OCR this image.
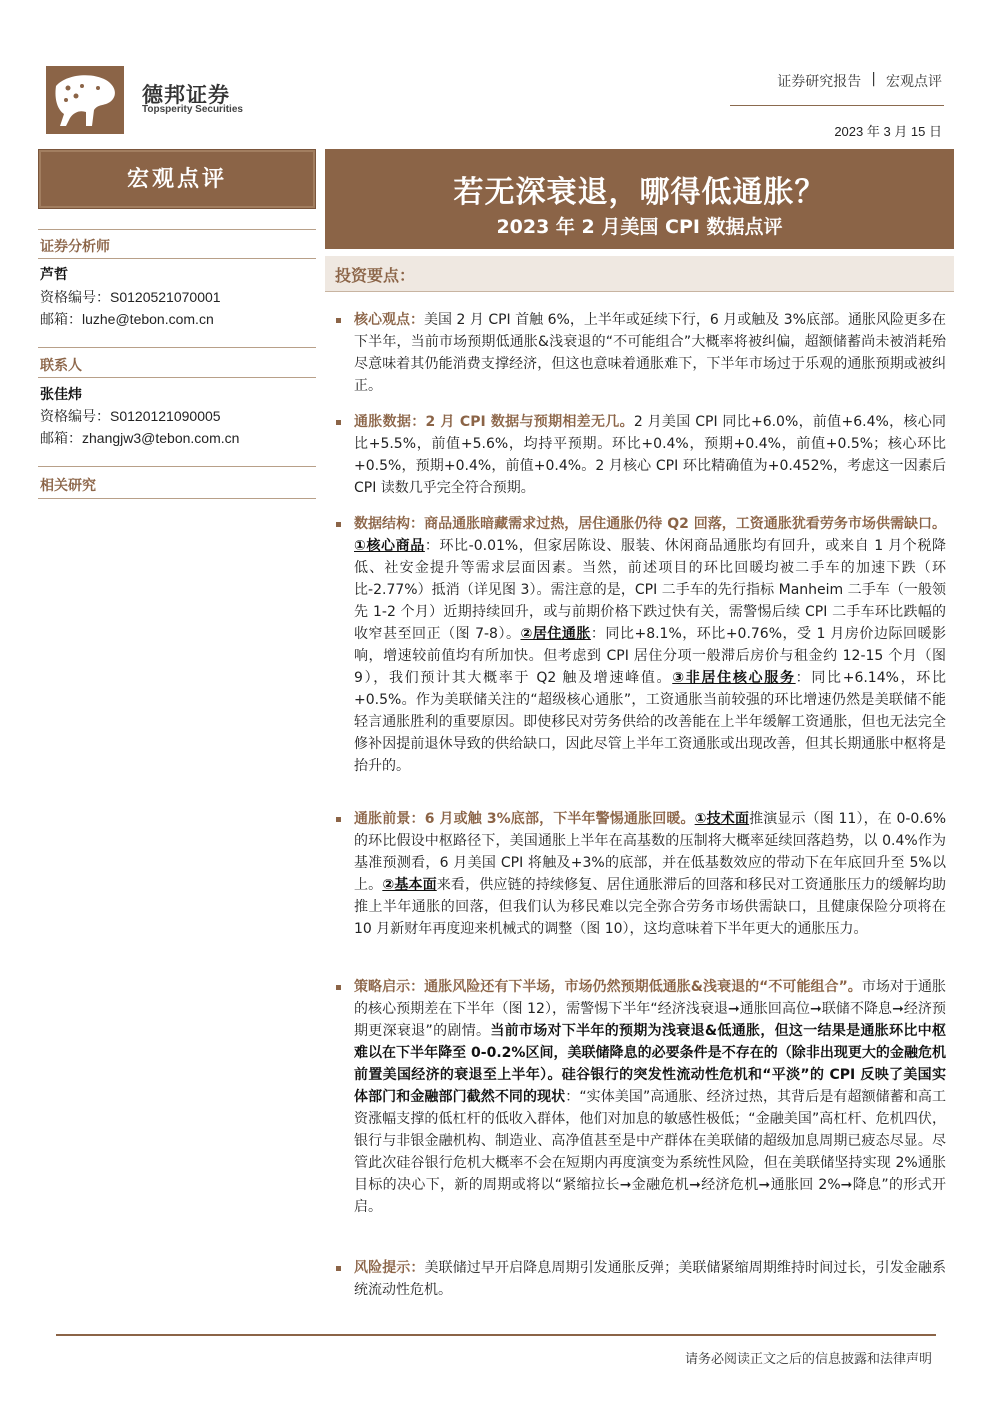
德邦证券
Topsperity Securities
证券研究报告 | 宏观点评
2023 年 3 月 15 日
宏观点评
证券分析师
芦哲
资格编号：S0120521070001
邮箱：luzhe@tebon.com.cn
联系人
张佳炜
资格编号：S0120121090005
邮箱：zhangjw3@tebon.com.cn
相关研究
若无深衰退，哪得低通胀？
2023 年 2 月美国 CPI 数据点评
投资要点：
核心观点：美国 2 月 CPI 首触 6%，上半年或延续下行，6 月或触及 3%底部。通胀风险更多在下半年，当前市场预期低通胀&浅衰退的“不可能组合”大概率将被纠偏，超额储蓄尚未被消耗殆尽意味着其仍能消费支撑经济，但这也意味着通胀难下，下半年市场过于乐观的通胀预期或被纠正。
通胀数据：2 月 CPI 数据与预期相差无几。2 月美国 CPI 同比+6.0%，前值+6.4%，核心同比+5.5%，前值+5.6%，均持平预期。环比+0.4%，预期+0.4%，前值+0.5%；核心环比+0.5%，预期+0.4%，前值+0.4%。2 月核心 CPI 环比精确值为+0.452%，考虑这一因素后 CPI 读数几乎完全符合预期。
数据结构：商品通胀暗藏需求过热，居住通胀仍待 Q2 回落，工资通胀犹看劳务市场供需缺口。①核心商品：环比-0.01%，但家居陈设、服装、休闲商品通胀均有回升，或来自 1 月个税降低、社安金提升等需求层面因素。当然，前述项目的环比回暖均被二手车的加速下跌（环比-2.77%）抵消（详见图 3）。需注意的是，CPI 二手车的先行指标 Manheim 二手车（一般领先 1-2 个月）近期持续回升，或与前期价格下跌过快有关，需警惕后续 CPI 二手车环比跌幅的收窄甚至回正（图 7-8）。②居住通胀：同比+8.1%，环比+0.76%，受 1 月房价边际回暖影响，增速较前值均有所加快。但考虑到 CPI 居住分项一般滞后房价与租金约 12-15 个月（图 9），我们预计其大概率于 Q2 触及增速峰值。③非居住核心服务：同比+6.14%，环比+0.5%。作为美联储关注的“超级核心通胀”，工资通胀当前较强的环比增速仍然是美联储不能轻言通胀胜利的重要原因。即使移民对劳务供给的改善能在上半年缓解工资通胀，但也无法完全修补因提前退休导致的供给缺口，因此尽管上半年工资通胀或出现改善，但其长期通胀中枢将是抬升的。
通胀前景：6 月或触 3%底部，下半年警惕通胀回暖。①技术面推演显示（图 11），在 0-0.6%的环比假设中枢路径下，美国通胀上半年在高基数的压制将大概率延续回落趋势，以 0.4%作为基准预测看，6 月美国 CPI 将触及+3%的底部，并在低基数效应的带动下在年底回升至 5%以上。②基本面来看，供应链的持续修复、居住通胀滞后的回落和移民对工资通胀压力的缓解均助推上半年通胀的回落，但我们认为移民难以完全弥合劳务市场供需缺口，且健康保险分项将在 10 月新财年再度迎来机械式的调整（图 10），这均意味着下半年更大的通胀压力。
策略启示：通胀风险还有下半场，市场仍然预期低通胀&浅衰退的“不可能组合”。市场对于通胀的核心预期差在下半年（图 12），需警惕下半年“经济浅衰退➞通胀回高位➞联储不降息➞经济预期更深衰退”的剧情。当前市场对下半年的预期为浅衰退&低通胀，但这一结果是通胀环比中枢难以在下半年降至 0-0.2%区间，美联储降息的必要条件是不存在的（除非出现更大的金融危机前置美国经济的衰退至上半年）。硅谷银行的突发性流动性危机和“平淡”的 CPI 反映了美国实体部门和金融部门截然不同的现状：“实体美国”高通胀、经济过热，其背后是有超额储蓄和高工资涨幅支撑的低杠杆的低收入群体，他们对加息的敏感性极低；“金融美国”高杠杆、危机四伏，银行与非银金融机构、制造业、高净值甚至是中产群体在美联储的超级加息周期已疲态尽显。尽管此次硅谷银行危机大概率不会在短期内再度演变为系统性风险，但在美联储坚持实现 2%通胀目标的决心下，新的周期或将以“紧缩拉长➞金融危机➞经济危机➞通胀回 2%➞降息”的形式开启。
风险提示：美联储过早开启降息周期引发通胀反弹；美联储紧缩周期维持时间过长，引发金融系统流动性危机。
请务必阅读正文之后的信息披露和法律声明
